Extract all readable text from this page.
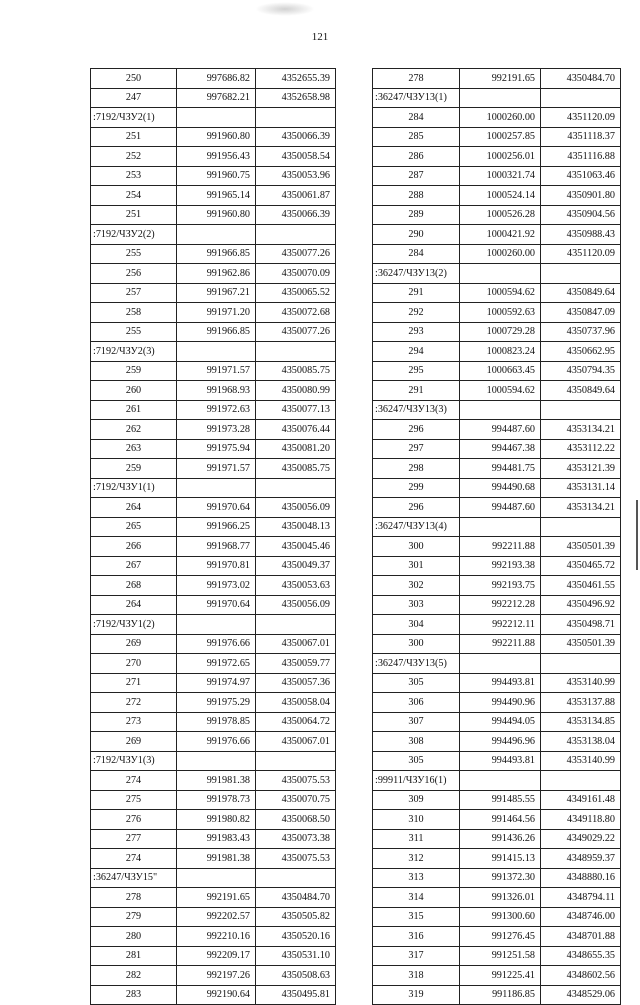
121
250	997686.82	4352655.39
247	997682.21	4352658.98
:7192/ЧЗУ2(1)		
251	991960.80	4350066.39
252	991956.43	4350058.54
253	991960.75	4350053.96
254	991965.14	4350061.87
251	991960.80	4350066.39
:7192/ЧЗУ2(2)		
255	991966.85	4350077.26
256	991962.86	4350070.09
257	991967.21	4350065.52
258	991971.20	4350072.68
255	991966.85	4350077.26
:7192/ЧЗУ2(3)		
259	991971.57	4350085.75
260	991968.93	4350080.99
261	991972.63	4350077.13
262	991973.28	4350076.44
263	991975.94	4350081.20
259	991971.57	4350085.75
:7192/ЧЗУ1(1)		
264	991970.64	4350056.09
265	991966.25	4350048.13
266	991968.77	4350045.46
267	991970.81	4350049.37
268	991973.02	4350053.63
264	991970.64	4350056.09
:7192/ЧЗУ1(2)		
269	991976.66	4350067.01
270	991972.65	4350059.77
271	991974.97	4350057.36
272	991975.29	4350058.04
273	991978.85	4350064.72
269	991976.66	4350067.01
:7192/ЧЗУ1(3)		
274	991981.38	4350075.53
275	991978.73	4350070.75
276	991980.82	4350068.50
277	991983.43	4350073.38
274	991981.38	4350075.53
:36247/ЧЗУ15"		
278	992191.65	4350484.70
279	992202.57	4350505.82
280	992210.16	4350520.16
281	992209.17	4350531.10
282	992197.26	4350508.63
283	992190.64	4350495.81
278	992191.65	4350484.70
:36247/ЧЗУ13(1)		
284	1000260.00	4351120.09
285	1000257.85	4351118.37
286	1000256.01	4351116.88
287	1000321.74	4351063.46
288	1000524.14	4350901.80
289	1000526.28	4350904.56
290	1000421.92	4350988.43
284	1000260.00	4351120.09
:36247/ЧЗУ13(2)		
291	1000594.62	4350849.64
292	1000592.63	4350847.09
293	1000729.28	4350737.96
294	1000823.24	4350662.95
295	1000663.45	4350794.35
291	1000594.62	4350849.64
:36247/ЧЗУ13(3)		
296	994487.60	4353134.21
297	994467.38	4353112.22
298	994481.75	4353121.39
299	994490.68	4353131.14
296	994487.60	4353134.21
:36247/ЧЗУ13(4)		
300	992211.88	4350501.39
301	992193.38	4350465.72
302	992193.75	4350461.55
303	992212.28	4350496.92
304	992212.11	4350498.71
300	992211.88	4350501.39
:36247/ЧЗУ13(5)		
305	994493.81	4353140.99
306	994490.96	4353137.88
307	994494.05	4353134.85
308	994496.96	4353138.04
305	994493.81	4353140.99
:99911/ЧЗУ16(1)		
309	991485.55	4349161.48
310	991464.56	4349118.80
311	991436.26	4349029.22
312	991415.13	4348959.37
313	991372.30	4348880.16
314	991326.01	4348794.11
315	991300.60	4348746.00
316	991276.45	4348701.88
317	991251.58	4348655.35
318	991225.41	4348602.56
319	991186.85	4348529.06
